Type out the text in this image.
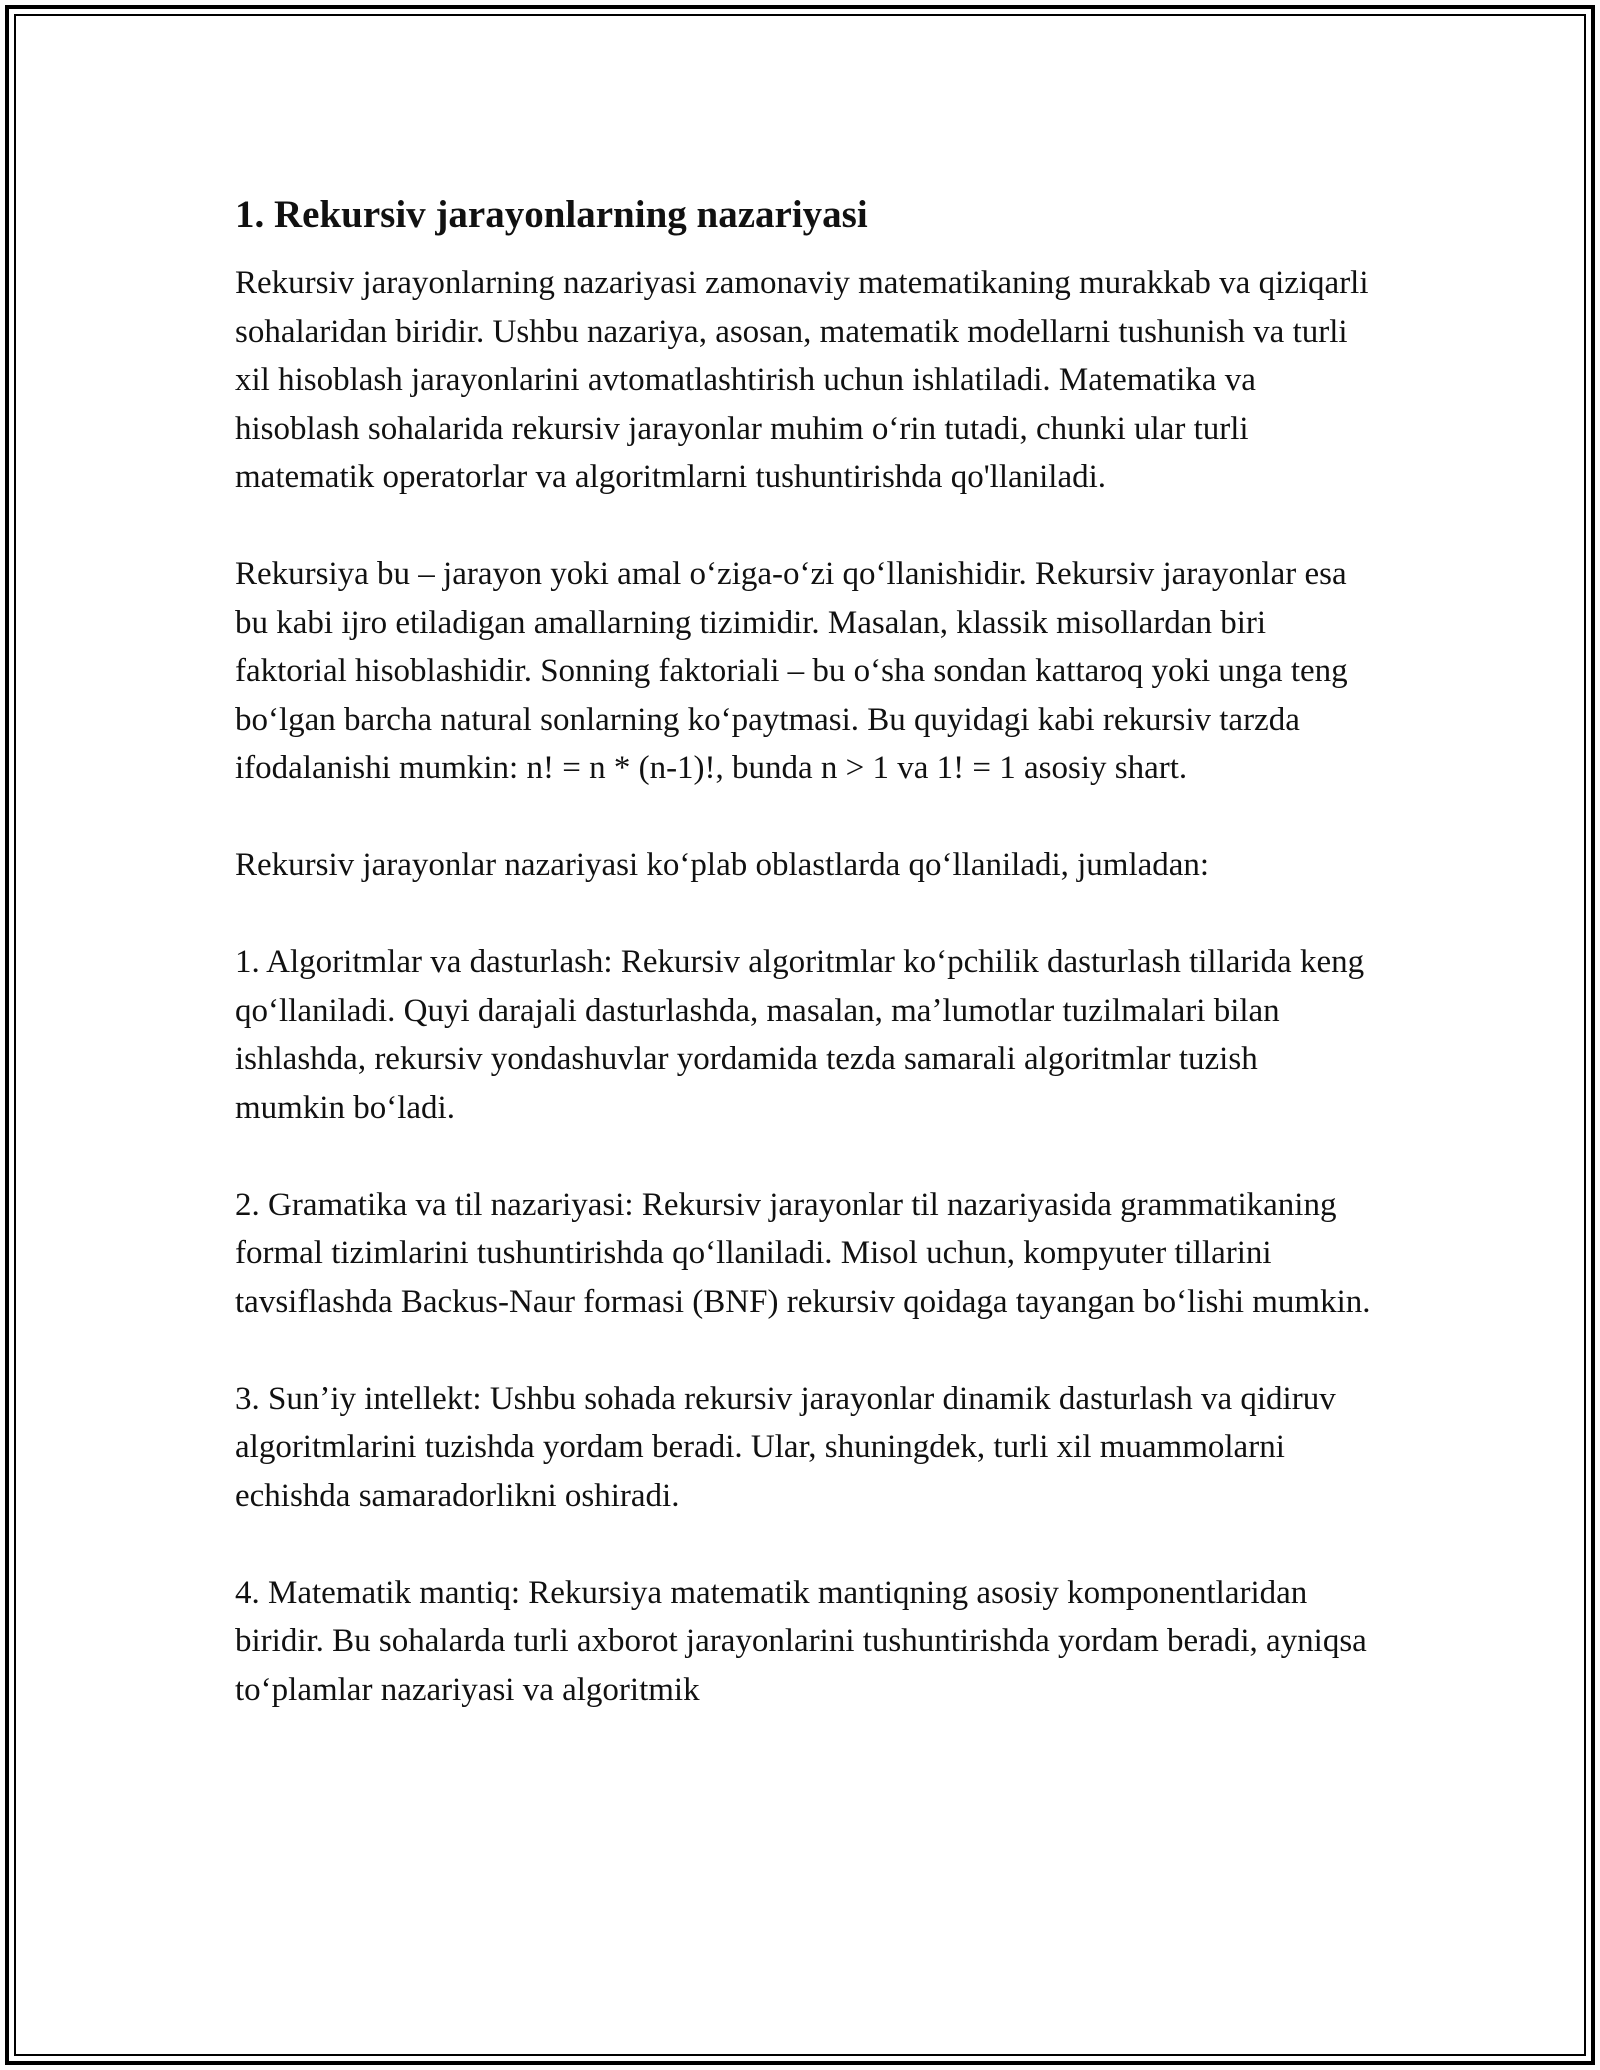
1. Rekursiv jarayonlarning nazariyasi

Rekursiv jarayonlarning nazariyasi zamonaviy matematikaning murakkab va qiziqarli sohalaridan biridir. Ushbu nazariya, asosan, matematik modellarni tushunish va turli xil hisoblash jarayonlarini avtomatlashtirish uchun ishlatiladi. Matematika va hisoblash sohalarida rekursiv jarayonlar muhim oʻrin tutadi, chunki ular turli matematik operatorlar va algoritmlarni tushuntirishda qo'llaniladi.

Rekursiya bu – jarayon yoki amal oʻziga-oʻzi qoʻllanishidir. Rekursiv jarayonlar esa bu kabi ijro etiladigan amallarning tizimidir. Masalan, klassik misollardan biri faktorial hisoblashidir. Sonning faktoriali – bu oʻsha sondan kattaroq yoki unga teng boʻlgan barcha natural sonlarning koʻpaytmasi. Bu quyidagi kabi rekursiv tarzda ifodalanishi mumkin: n! = n * (n-1)!, bunda n > 1 va 1! = 1 asosiy shart.

Rekursiv jarayonlar nazariyasi koʻplab oblastlarda qoʻllaniladi, jumladan:

1. Algoritmlar va dasturlash: Rekursiv algoritmlar koʻpchilik dasturlash tillarida keng qoʻllaniladi. Quyi darajali dasturlashda, masalan, maʼlumotlar tuzilmalari bilan ishlashda, rekursiv yondashuvlar yordamida tezda samarali algoritmlar tuzish mumkin boʻladi.

2. Gramatika va til nazariyasi: Rekursiv jarayonlar til nazariyasida grammatikaning formal tizimlarini tushuntirishda qoʻllaniladi. Misol uchun, kompyuter tillarini tavsiflashda Backus-Naur formasi (BNF) rekursiv qoidaga tayangan boʻlishi mumkin.

3. Sunʼiy intellekt: Ushbu sohada rekursiv jarayonlar dinamik dasturlash va qidiruv algoritmlarini tuzishda yordam beradi. Ular, shuningdek, turli xil muammolarni echishda samaradorlikni oshiradi.

4. Matematik mantiq: Rekursiya matematik mantiqning asosiy komponentlaridan biridir. Bu sohalarda turli axborot jarayonlarini tushuntirishda yordam beradi, ayniqsa toʻplamlar nazariyasi va algoritmik
